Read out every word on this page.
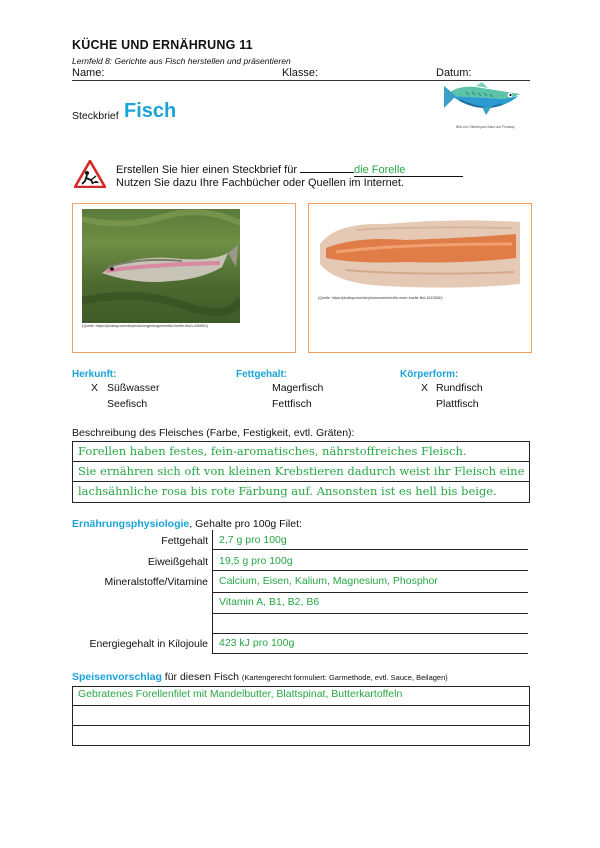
KÜCHE UND ERNÄHRUNG 11
Lernfeld 8: Gerichte aus Fisch herstellen und präsentieren
Name:	Klasse:	Datum:
Steckbrief Fisch
Bild von Sketchpad-Sabo auf Pixabay
Erstellen Sie hier einen Steckbrief für	die Forelle
Nutzen Sie dazu Ihre Fachbücher oder Quellen im Internet.
(Quelle: https://pixabay.com/de/photos/regenbogenforelle-forelle-fisch-340952/)
(Quelle: https://pixabay.com/de/photos/meerforelle-meer-forelle-filet-1812556/)
Herkunft:
X Süßwasser
Seefisch
Fettgehalt:
Magerfisch
Fettfisch
Körperform:
X Rundfisch
Plattfisch
Beschreibung des Fleisches (Farbe, Festigkeit, evtl. Gräten):
Forellen haben festes, fein-aromatisches, nährstoffreiches Fleisch.
Sie ernähren sich oft von kleinen Krebstieren dadurch weist ihr Fleisch eine
lachsähnliche rosa bis rote Färbung auf. Ansonsten ist es hell bis beige.
Ernährungsphysiologie, Gehalte pro 100g Filet:
Fettgehalt 2,7 g pro 100g
Eiweißgehalt 19,5 g pro 100g
Mineralstoffe/Vitamine Calcium, Eisen, Kalium, Magnesium, Phosphor
Vitamin A, B1, B2, B6
Energiegehalt in Kilojoule 423 kJ pro 100g
Speisenvorschlag für diesen Fisch (Kartengerecht formuliert: Garmethode, evtl. Sauce, Beilagen)
Gebratenes Forellenfilet mit Mandelbutter, Blattspinat, Butterkartoffeln
